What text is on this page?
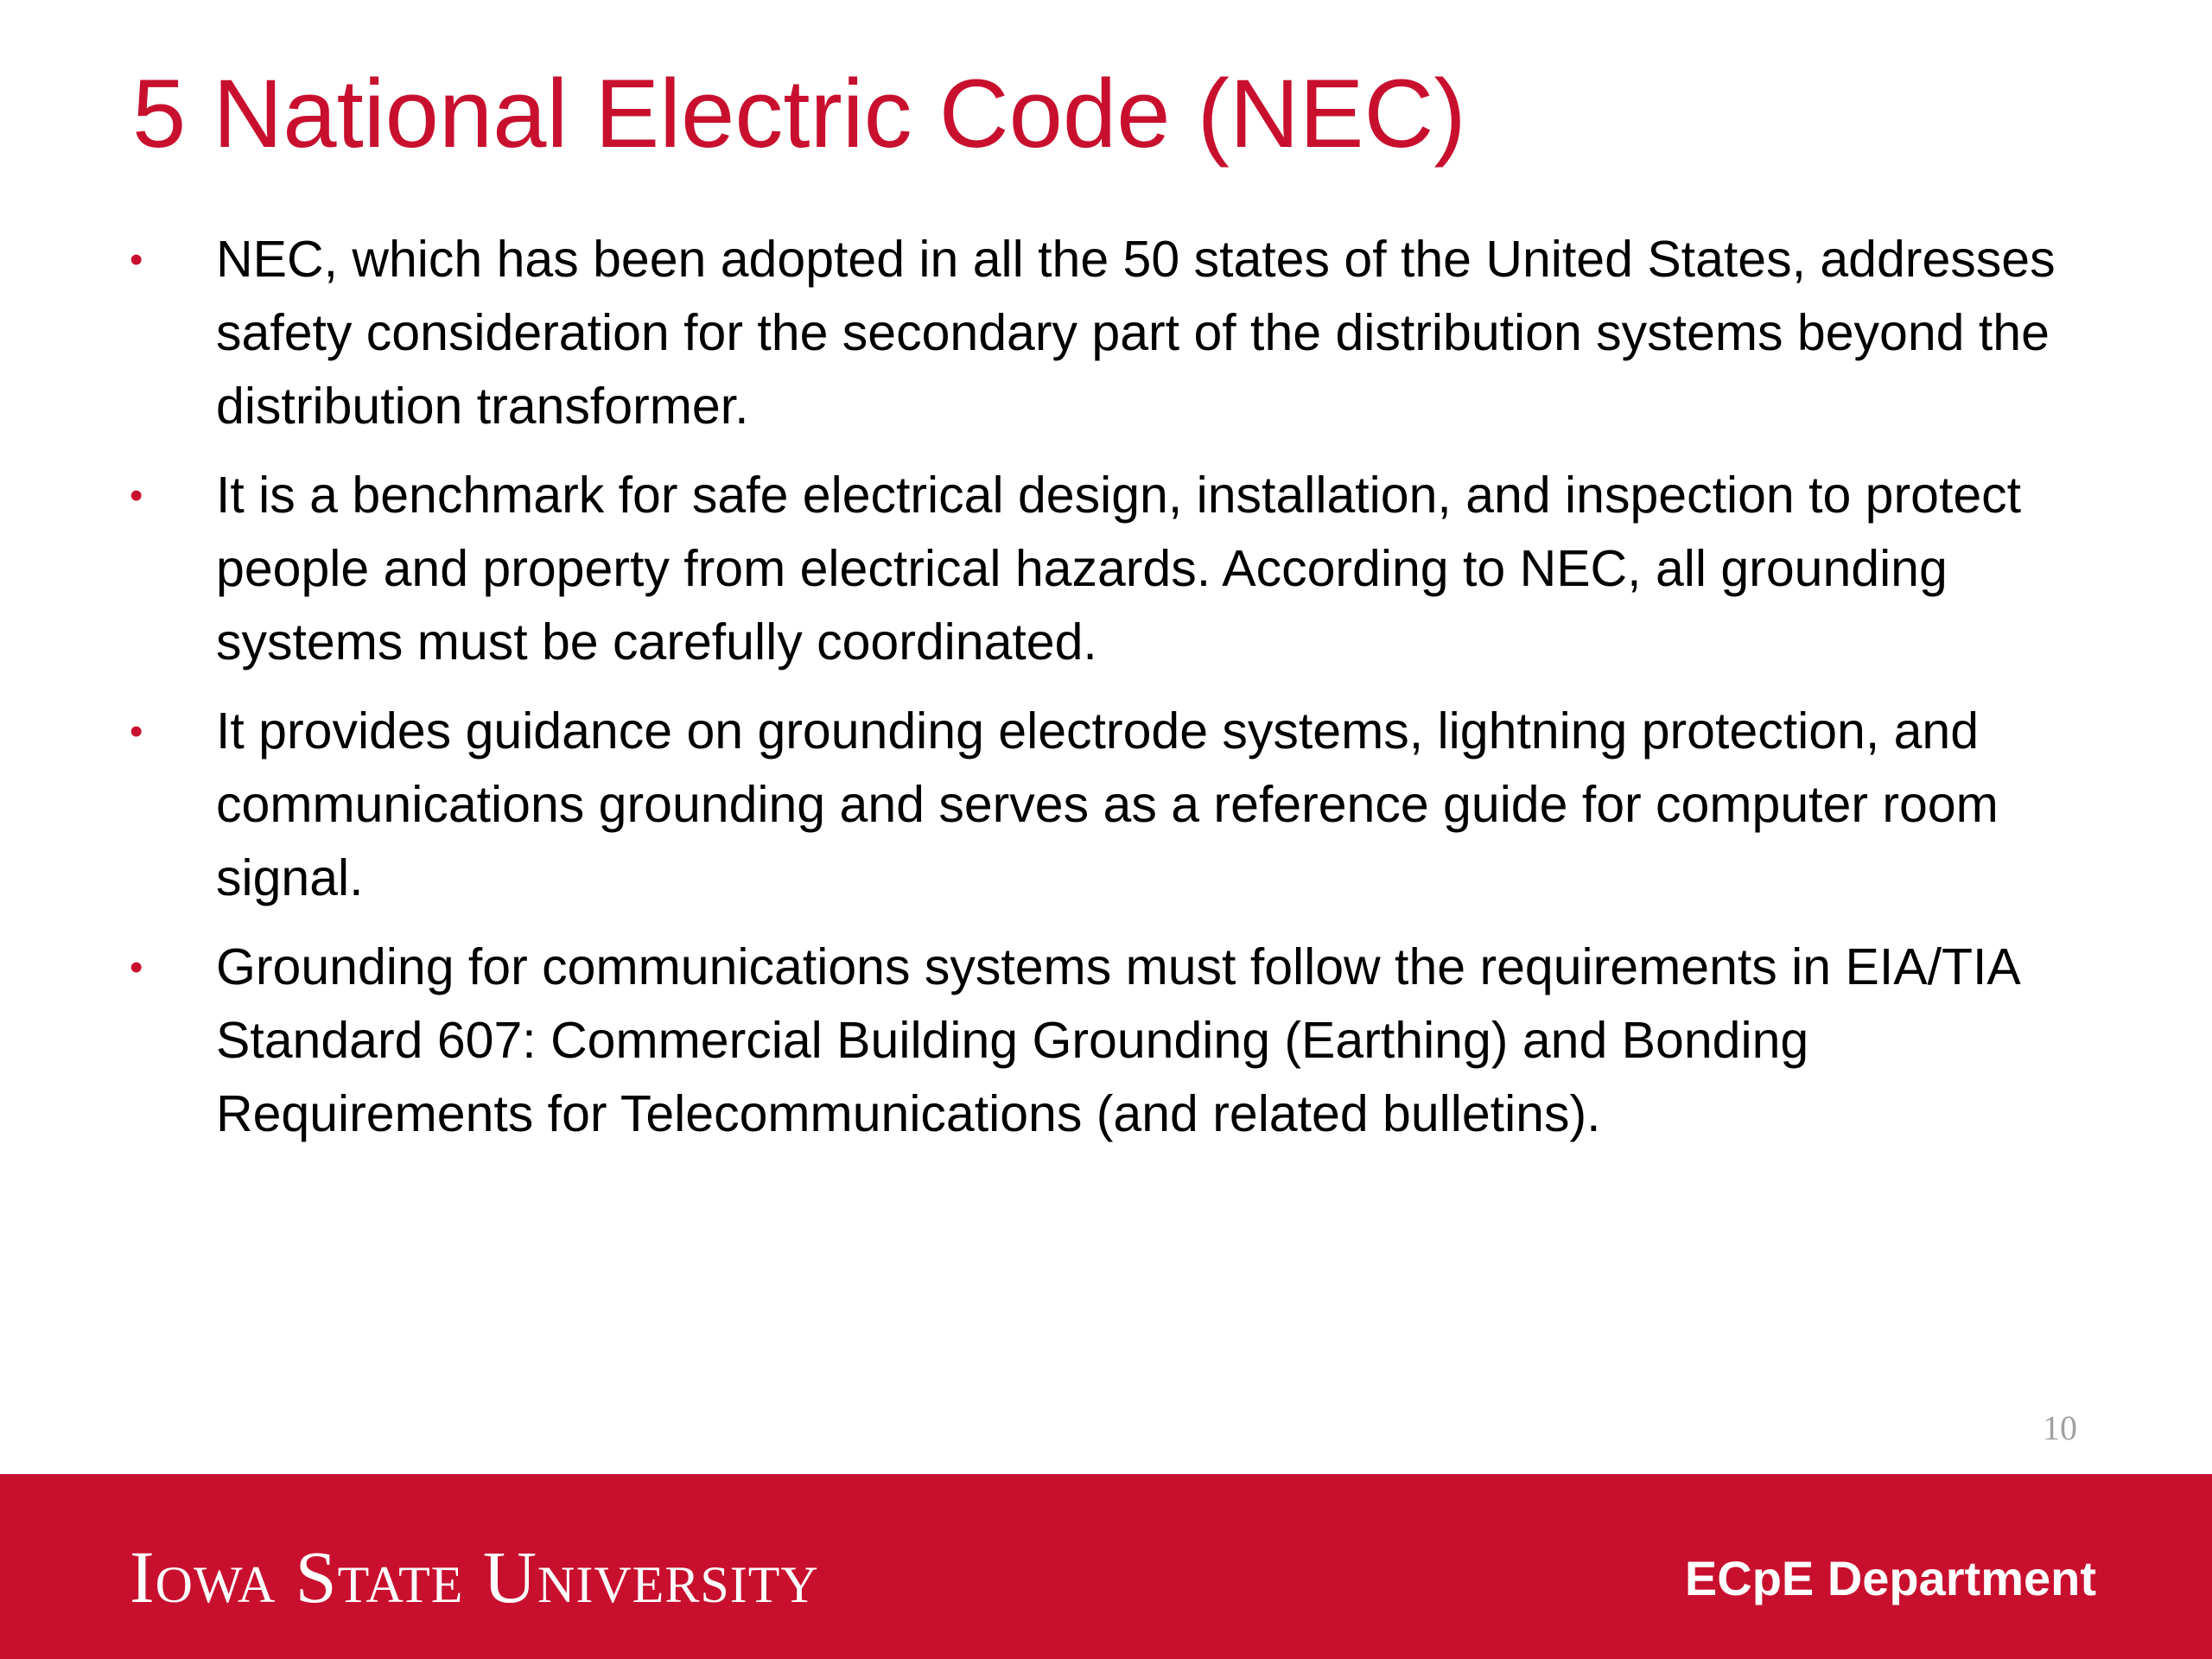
5 National Electric Code (NEC)
• NEC, which has been adopted in all the 50 states of the United States, addresses safety consideration for the secondary part of the distribution systems beyond the distribution transformer.
• It is a benchmark for safe electrical design, installation, and inspection to protect people and property from electrical hazards. According to NEC, all grounding systems must be carefully coordinated.
• It provides guidance on grounding electrode systems, lightning protection, and communications grounding and serves as a reference guide for computer room signal.
• Grounding for communications systems must follow the requirements in EIA/TIA Standard 607: Commercial Building Grounding (Earthing) and Bonding Requirements for Telecommunications (and related bulletins).
10
Iowa State University	ECpE Department
